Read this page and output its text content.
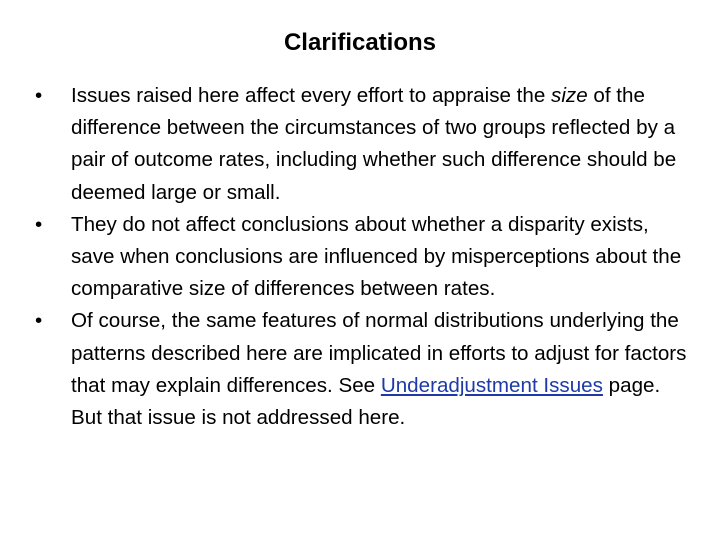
Clarifications
•	Issues raised here affect every effort to appraise the size of the difference between the circumstances of two groups reflected by a pair of outcome rates, including whether such difference should be deemed large or small.
•	They do not affect conclusions about whether a disparity exists, save when conclusions are influenced by misperceptions about the comparative size of differences between rates.
•	Of course, the same features of normal distributions underlying the patterns described here are implicated in efforts to adjust for factors that may explain differences. See Underadjustment Issues page. But that issue is not addressed here.
